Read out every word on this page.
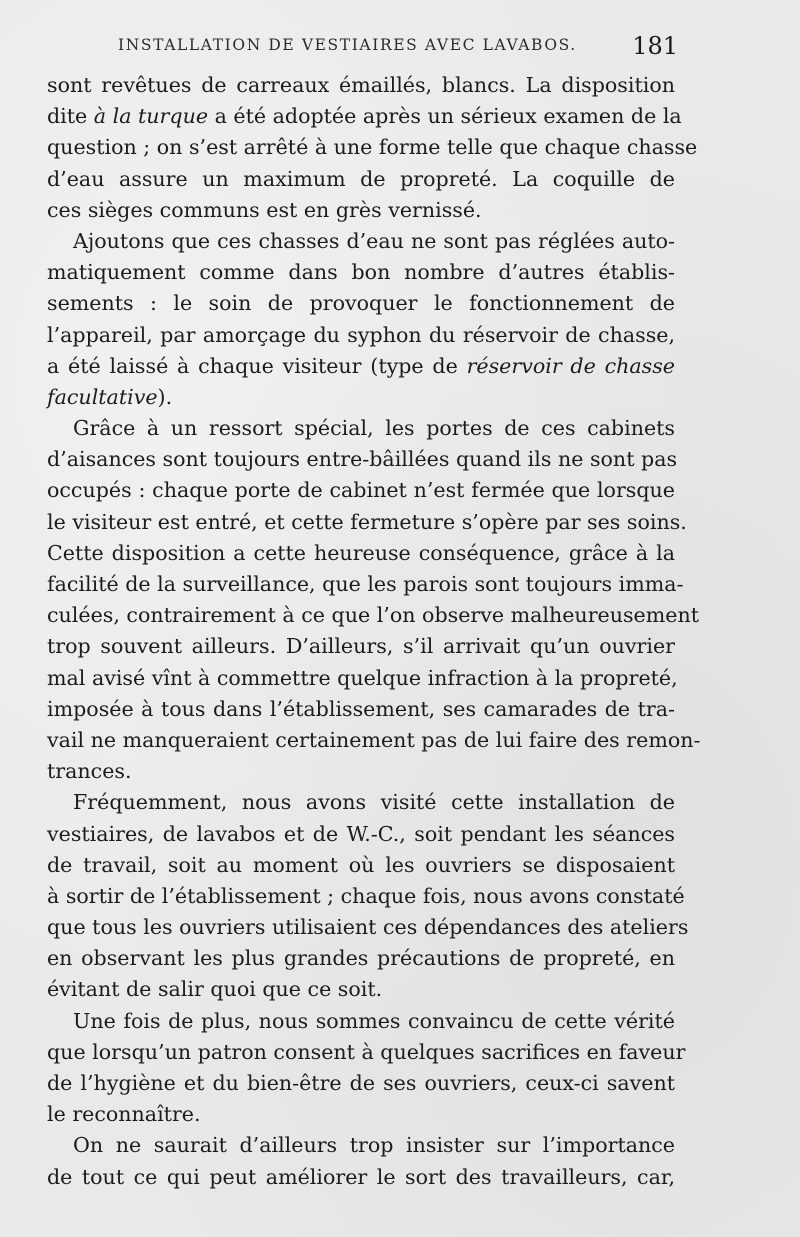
INSTALLATION DE VESTIAIRES AVEC LAVABOS. 181
sont revêtues de carreaux émaillés, blancs. La disposition
dite à la turque a été adoptée après un sérieux examen de la
question ; on s’est arrêté à une forme telle que chaque chasse
d’eau assure un maximum de propreté. La coquille de
ces sièges communs est en grès vernissé.
Ajoutons que ces chasses d’eau ne sont pas réglées auto-
matiquement comme dans bon nombre d’autres établis-
sements : le soin de provoquer le fonctionnement de
l’appareil, par amorçage du syphon du réservoir de chasse,
a été laissé à chaque visiteur (type de réservoir de chasse
facultative).
Grâce à un ressort spécial, les portes de ces cabinets
d’aisances sont toujours entre-bâillées quand ils ne sont pas
occupés : chaque porte de cabinet n’est fermée que lorsque
le visiteur est entré, et cette fermeture s’opère par ses soins.
Cette disposition a cette heureuse conséquence, grâce à la
facilité de la surveillance, que les parois sont toujours imma-
culées, contrairement à ce que l’on observe malheureusement
trop souvent ailleurs. D’ailleurs, s’il arrivait qu’un ouvrier
mal avisé vînt à commettre quelque infraction à la propreté,
imposée à tous dans l’établissement, ses camarades de tra-
vail ne manqueraient certainement pas de lui faire des remon-
trances.
Fréquemment, nous avons visité cette installation de
vestiaires, de lavabos et de W.-C., soit pendant les séances
de travail, soit au moment où les ouvriers se disposaient
à sortir de l’établissement ; chaque fois, nous avons constaté
que tous les ouvriers utilisaient ces dépendances des ateliers
en observant les plus grandes précautions de propreté, en
évitant de salir quoi que ce soit.
Une fois de plus, nous sommes convaincu de cette vérité
que lorsqu’un patron consent à quelques sacrifices en faveur
de l’hygiène et du bien-être de ses ouvriers, ceux-ci savent
le reconnaître.
On ne saurait d’ailleurs trop insister sur l’importance
de tout ce qui peut améliorer le sort des travailleurs, car,
